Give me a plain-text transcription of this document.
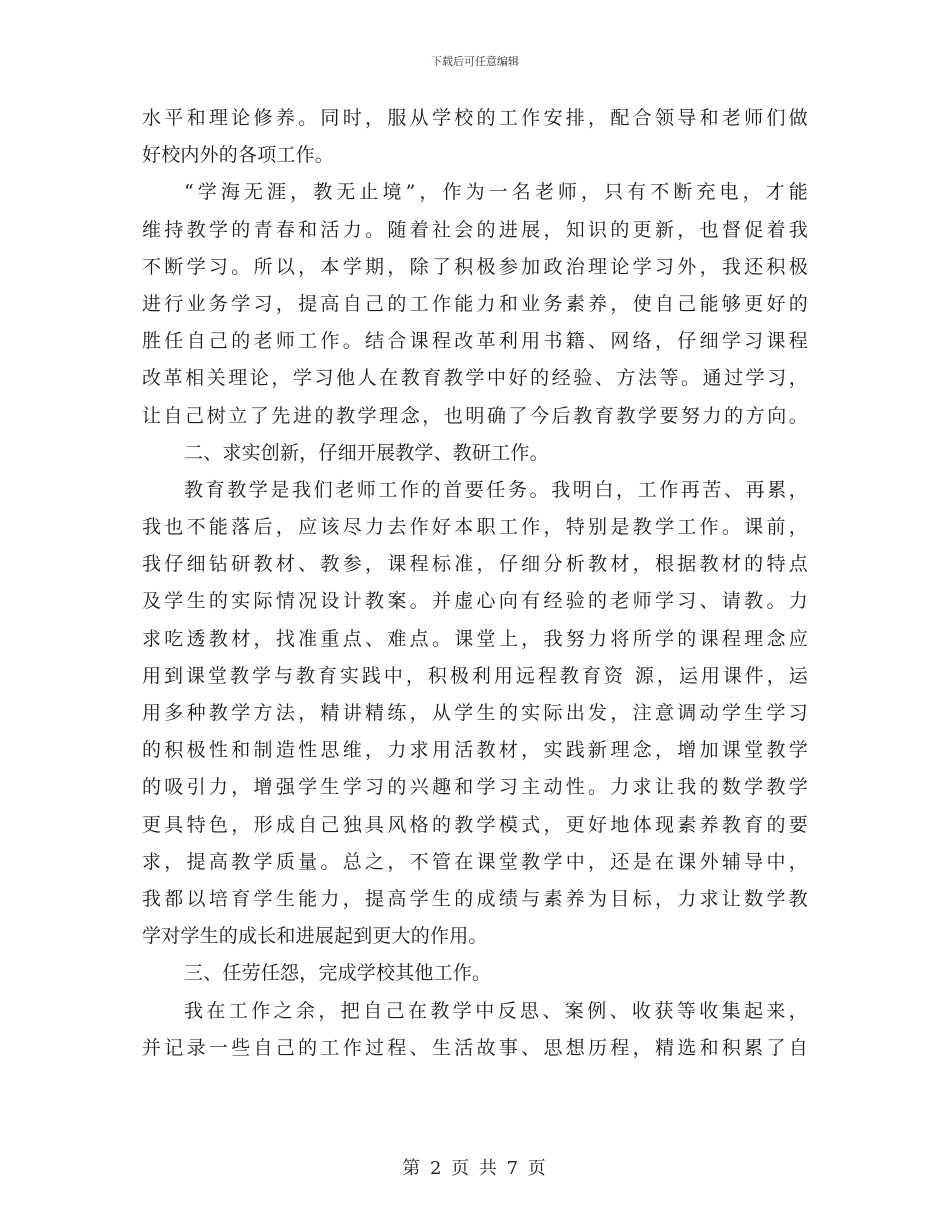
下载后可任意编辑
水平和理论修养。同时，服从学校的工作安排，配合领导和老师们做
好校内外的各项工作。
“学海无涯，教无止境”，作为一名老师，只有不断充电，才能
维持教学的青春和活力。随着社会的进展，知识的更新，也督促着我
不断学习。所以，本学期，除了积极参加政治理论学习外，我还积极
进行业务学习，提高自己的工作能力和业务素养，使自己能够更好的
胜任自己的老师工作。结合课程改革利用书籍、网络，仔细学习课程
改革相关理论，学习他人在教育教学中好的经验、方法等。通过学习，
让自己树立了先进的教学理念，也明确了今后教育教学要努力的方向。
二、求实创新，仔细开展教学、教研工作。
教育教学是我们老师工作的首要任务。我明白，工作再苦、再累，
我也不能落后，应该尽力去作好本职工作，特别是教学工作。课前，
我仔细钻研教材、教参，课程标准，仔细分析教材，根据教材的特点
及学生的实际情况设计教案。并虚心向有经验的老师学习、请教。力
求吃透教材，找准重点、难点。课堂上，我努力将所学的课程理念应
用到课堂教学与教育实践中，积极利用远程教育资 源，运用课件，运
用多种教学方法，精讲精练，从学生的实际出发，注意调动学生学习
的积极性和制造性思维，力求用活教材，实践新理念，增加课堂教学
的吸引力，增强学生学习的兴趣和学习主动性。力求让我的数学教学
更具特色，形成自己独具风格的教学模式，更好地体现素养教育的要
求，提高教学质量。总之，不管在课堂教学中，还是在课外辅导中，
我都以培育学生能力，提高学生的成绩与素养为目标，力求让数学教
学对学生的成长和进展起到更大的作用。
三、任劳任怨，完成学校其他工作。
我在工作之余，把自己在教学中反思、案例、收获等收集起来，
并记录一些自己的工作过程、生活故事、思想历程，精选和积累了自
第 2 页 共 7 页
